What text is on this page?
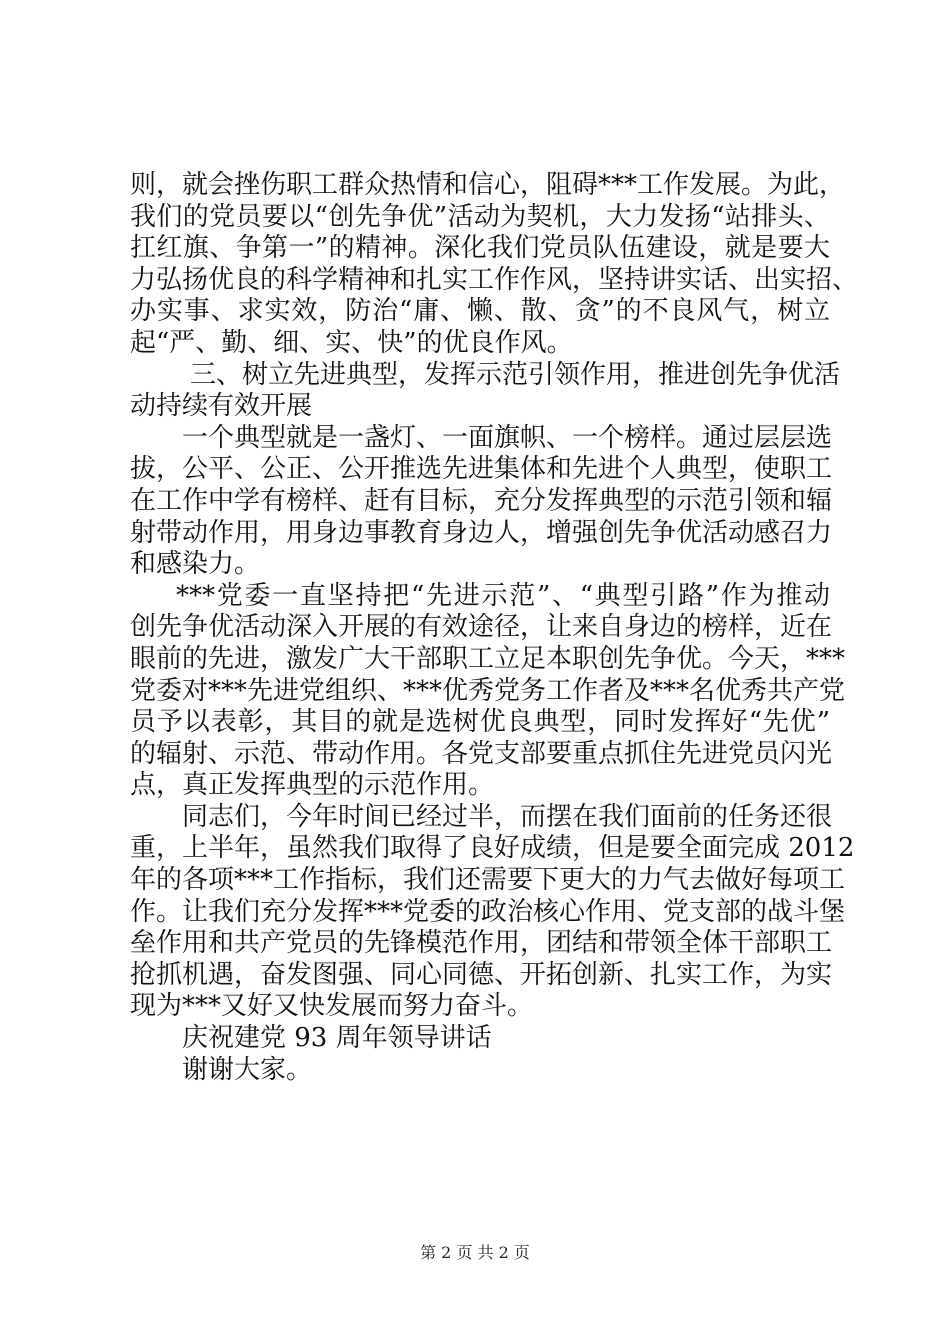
则，就会挫伤职工群众热情和信心，阻碍***工作发展。为此，
我们的党员要以“创先争优”活动为契机，大力发扬“站排头、
扛红旗、争第一”的精神。深化我们党员队伍建设，就是要大
力弘扬优良的科学精神和扎实工作作风，坚持讲实话、出实招、
办实事、求实效，防治“庸、懒、散、贪”的不良风气，树立
起“严、勤、细、实、快”的优良作风。
三、树立先进典型，发挥示范引领作用，推进创先争优活
动持续有效开展
一个典型就是一盏灯、一面旗帜、一个榜样。通过层层选
拔，公平、公正、公开推选先进集体和先进个人典型，使职工
在工作中学有榜样、赶有目标，充分发挥典型的示范引领和辐
射带动作用，用身边事教育身边人，增强创先争优活动感召力
和感染力。
***党委一直坚持把“先进示范”、“典型引路”作为推动
创先争优活动深入开展的有效途径，让来自身边的榜样，近在
眼前的先进，激发广大干部职工立足本职创先争优。今天，***
党委对***先进党组织、***优秀党务工作者及***名优秀共产党
员予以表彰，其目的就是选树优良典型，同时发挥好“先优”
的辐射、示范、带动作用。各党支部要重点抓住先进党员闪光
点，真正发挥典型的示范作用。
同志们，今年时间已经过半，而摆在我们面前的任务还很
重，上半年，虽然我们取得了良好成绩，但是要全面完成 2012
年的各项***工作指标，我们还需要下更大的力气去做好每项工
作。让我们充分发挥***党委的政治核心作用、党支部的战斗堡
垒作用和共产党员的先锋模范作用，团结和带领全体干部职工
抢抓机遇，奋发图强、同心同德、开拓创新、扎实工作，为实
现为***又好又快发展而努力奋斗。
庆祝建党 93 周年领导讲话
谢谢大家。
第 2 页 共 2 页
